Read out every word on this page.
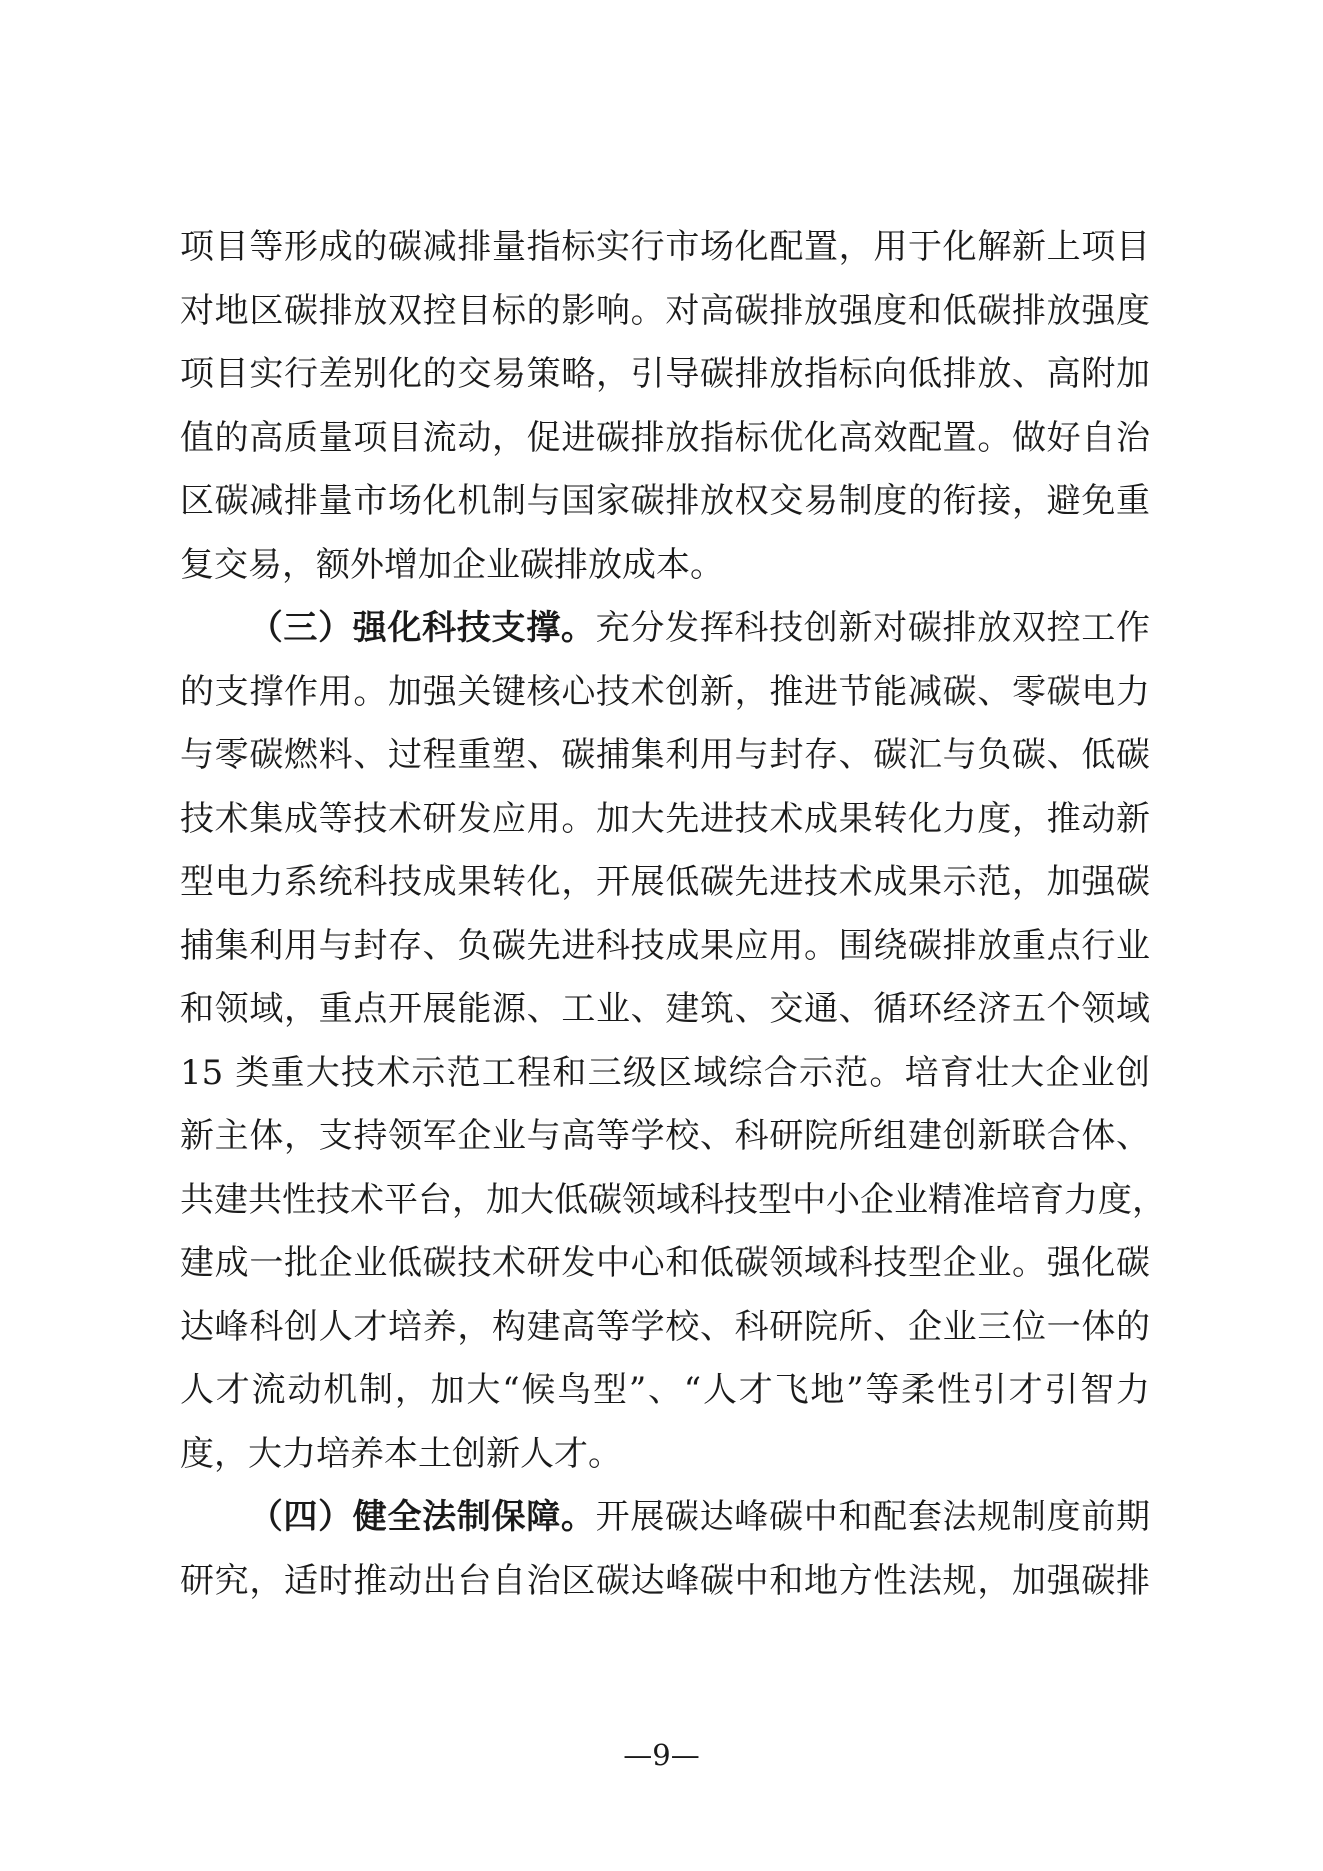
项目等形成的碳减排量指标实行市场化配置，用于化解新上项目
对地区碳排放双控目标的影响。对高碳排放强度和低碳排放强度
项目实行差别化的交易策略，引导碳排放指标向低排放、高附加
值的高质量项目流动，促进碳排放指标优化高效配置。做好自治
区碳减排量市场化机制与国家碳排放权交易制度的衔接，避免重
复交易，额外增加企业碳排放成本。
（三）强化科技支撑。充分发挥科技创新对碳排放双控工作
的支撑作用。加强关键核心技术创新，推进节能减碳、零碳电力
与零碳燃料、过程重塑、碳捕集利用与封存、碳汇与负碳、低碳
技术集成等技术研发应用。加大先进技术成果转化力度，推动新
型电力系统科技成果转化，开展低碳先进技术成果示范，加强碳
捕集利用与封存、负碳先进科技成果应用。围绕碳排放重点行业
和领域，重点开展能源、工业、建筑、交通、循环经济五个领域
15 类重大技术示范工程和三级区域综合示范。培育壮大企业创
新主体，支持领军企业与高等学校、科研院所组建创新联合体、
共建共性技术平台，加大低碳领域科技型中小企业精准培育力度，
建成一批企业低碳技术研发中心和低碳领域科技型企业。强化碳
达峰科创人才培养，构建高等学校、科研院所、企业三位一体的
人才流动机制，加大“候鸟型”、“人才飞地”等柔性引才引智力
度，大力培养本土创新人才。
（四）健全法制保障。开展碳达峰碳中和配套法规制度前期
研究，适时推动出台自治区碳达峰碳中和地方性法规，加强碳排
—9—
